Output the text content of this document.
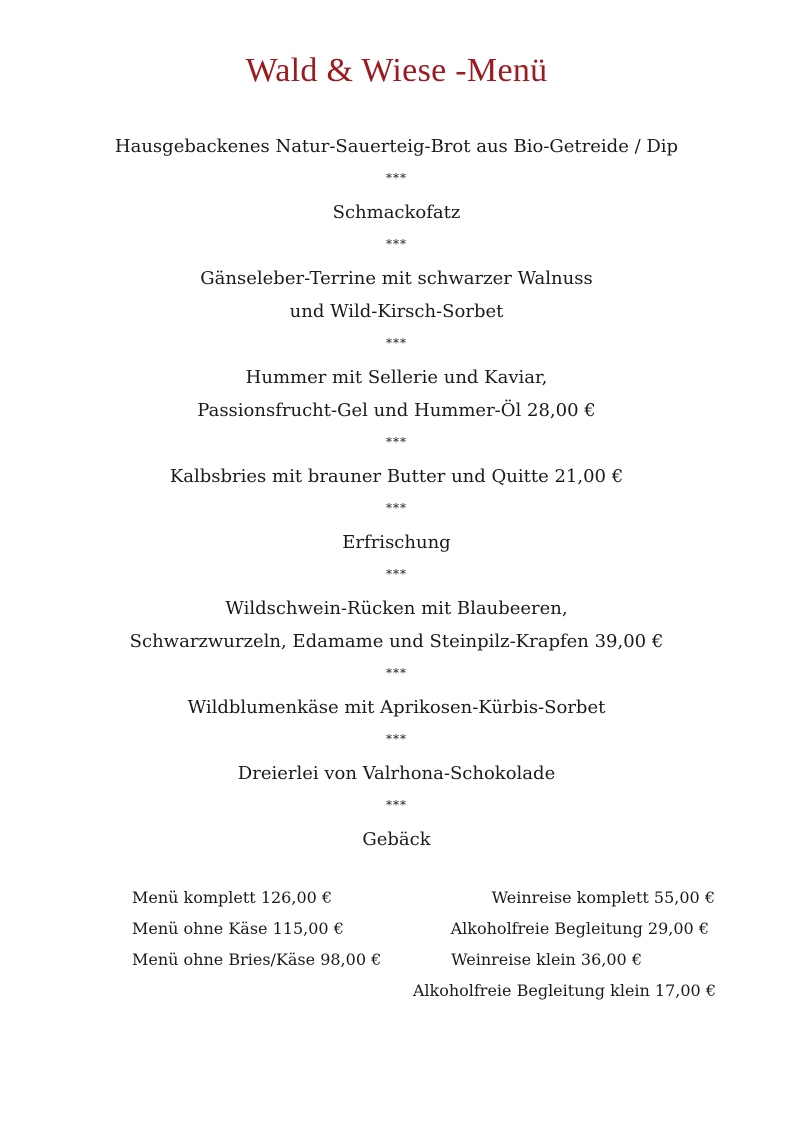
Wald & Wiese -Menü
Hausgebackenes Natur-Sauerteig-Brot aus Bio-Getreide / Dip
***
Schmackofatz
***
Gänseleber-Terrine mit schwarzer Walnuss
und Wild-Kirsch-Sorbet
***
Hummer mit Sellerie und Kaviar,
Passionsfrucht-Gel und Hummer-Öl 28,00 €
***
Kalbsbries mit brauner Butter und Quitte 21,00 €
***
Erfrischung
***
Wildschwein-Rücken mit Blaubeeren,
Schwarzwurzeln, Edamame und Steinpilz-Krapfen 39,00 €
***
Wildblumenkäse mit Aprikosen-Kürbis-Sorbet
***
Dreierlei von Valrhona-Schokolade
***
Gebäck
Menü komplett 126,00 €
Menü ohne Käse 115,00 €
Menü ohne Bries/Käse 98,00 €
Weinreise komplett 55,00 €
Alkoholfreie Begleitung 29,00 €
Weinreise klein 36,00 €
Alkoholfreie Begleitung klein 17,00 €
